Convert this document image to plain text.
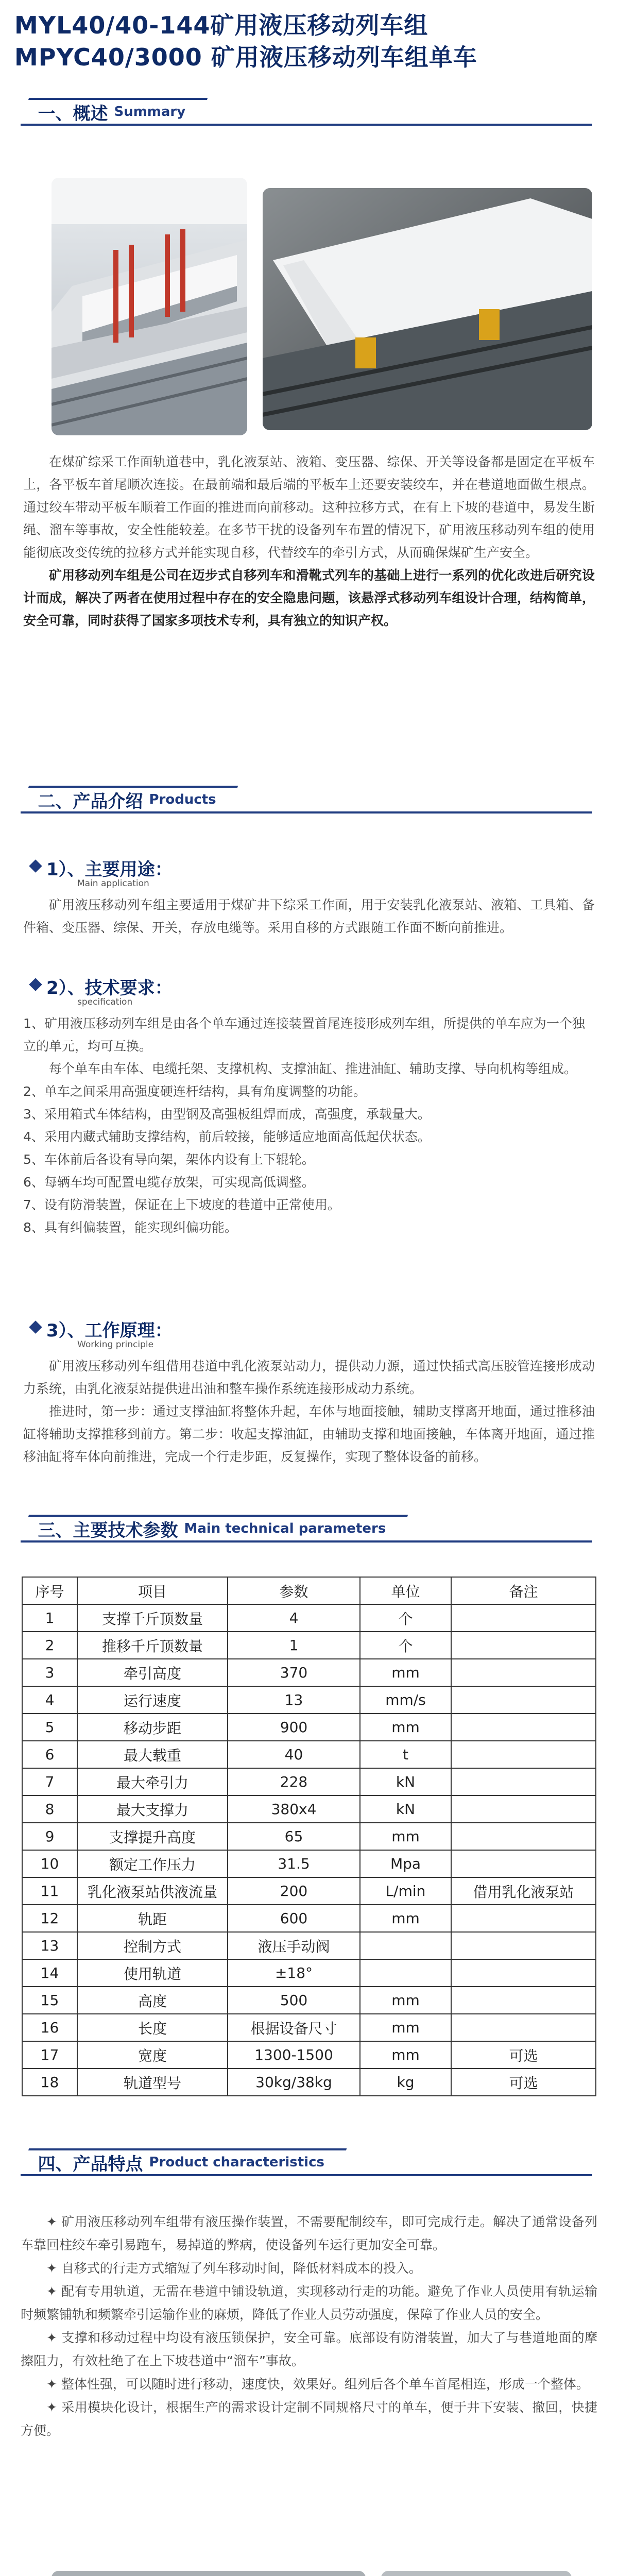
MYL40/40-144矿用液压移动列车组
MPYC40/3000 矿用液压移动列车组单车
一、概述 Summary

在煤矿综采工作面轨道巷中，乳化液泵站、液箱、变压器、综保、开关等设备都是固定在平板车上，各平板车首尾顺次连接。在最前端和最后端的平板车上还要安装绞车，并在巷道地面做生根点。通过绞车带动平板车顺着工作面的推进而向前移动。这种拉移方式，在有上下坡的巷道中，易发生断绳、溜车等事故，安全性能较差。在多节干扰的设备列车布置的情况下，矿用液压移动列车组的使用能彻底改变传统的拉移方式并能实现自移，代替绞车的牵引方式，从而确保煤矿生产安全。

矿用移动列车组是公司在迈步式自移列车和滑靴式列车的基础上进行一系列的优化改进后研究设计而成，解决了两者在使用过程中存在的安全隐患问题，该悬浮式移动列车组设计合理，结构简单，安全可靠，同时获得了国家多项技术专利，具有独立的知识产权。

二、产品介绍 Products
1）、主要用途：
Main application

矿用液压移动列车组主要适用于煤矿井下综采工作面，用于安装乳化液泵站、液箱、工具箱、备件箱、变压器、综保、开关，存放电缆等。采用自移的方式跟随工作面不断向前推进。

2）、技术要求：
specification
1、矿用液压移动列车组是由各个单车通过连接装置首尾连接形成列车组，所提供的单车应为一个独立的单元，均可互换。
每个单车由车体、电缆托架、支撑机构、支撑油缸、推进油缸、辅助支撑、导向机构等组成。
2、单车之间采用高强度硬连杆结构，具有角度调整的功能。
3、采用箱式车体结构，由型钢及高强板组焊而成，高强度，承载量大。
4、采用内藏式辅助支撑结构，前后较接，能够适应地面高低起伏状态。
5、车体前后各设有导向架，架体内设有上下辊轮。
6、每辆车均可配置电缆存放架，可实现高低调整。
7、设有防滑装置，保证在上下坡度的巷道中正常使用。
8、具有纠偏装置，能实现纠偏功能。
3）、工作原理：
Working principle

矿用液压移动列车组借用巷道中乳化液泵站动力，提供动力源，通过快插式高压胶管连接形成动力系统，由乳化液泵站提供进出油和整车操作系统连接形成动力系统。

推进时，第一步：通过支撑油缸将整体升起，车体与地面接触，辅助支撑离开地面，通过推移油缸将辅助支撑推移到前方。第二步：收起支撑油缸，由辅助支撑和地面接触，车体离开地面，通过推移油缸将车体向前推进，完成一个行走步距，反复操作，实现了整体设备的前移。

三、主要技术参数 Main technical parameters
序号	项目	参数	单位	备注
1	支撑千斤顶数量	4	个	
2	推移千斤顶数量	1	个	
3	牵引高度	370	mm	
4	运行速度	13	mm/s	
5	移动步距	900	mm	
6	最大载重	40	t	
7	最大牵引力	228	kN	
8	最大支撑力	380x4	kN	
9	支撑提升高度	65	mm	
10	额定工作压力	31.5	Mpa	
11	乳化液泵站供液流量	200	L/min	借用乳化液泵站
12	轨距	600	mm	
13	控制方式	液压手动阀		
14	使用轨道	±18°		
15	高度	500	mm	
16	长度	根据设备尺寸	mm	
17	宽度	1300-1500	mm	可选
18	轨道型号	30kg/38kg	kg	可选
四、产品特点 Product characteristics

✦ 矿用液压移动列车组带有液压操作装置，不需要配制绞车，即可完成行走。解决了通常设备列车靠回柱绞车牵引易跑车，易掉道的弊病，使设备列车运行更加安全可靠。

✦ 自移式的行走方式缩短了列车移动时间，降低材料成本的投入。

✦ 配有专用轨道，无需在巷道中铺设轨道，实现移动行走的功能。避免了作业人员使用有轨运输时频繁铺轨和频繁牵引运输作业的麻烦，降低了作业人员劳动强度，保障了作业人员的安全。

✦ 支撑和移动过程中均设有液压锁保护，安全可靠。底部设有防滑装置，加大了与巷道地面的摩擦阻力，有效杜绝了在上下坡巷道中“溜车”事故。

✦ 整体性强，可以随时进行移动，速度快，效果好。组列后各个单车首尾相连，形成一个整体。

✦ 采用模块化设计，根据生产的需求设计定制不同规格尺寸的单车，便于井下安装、撤回，快捷方便。
